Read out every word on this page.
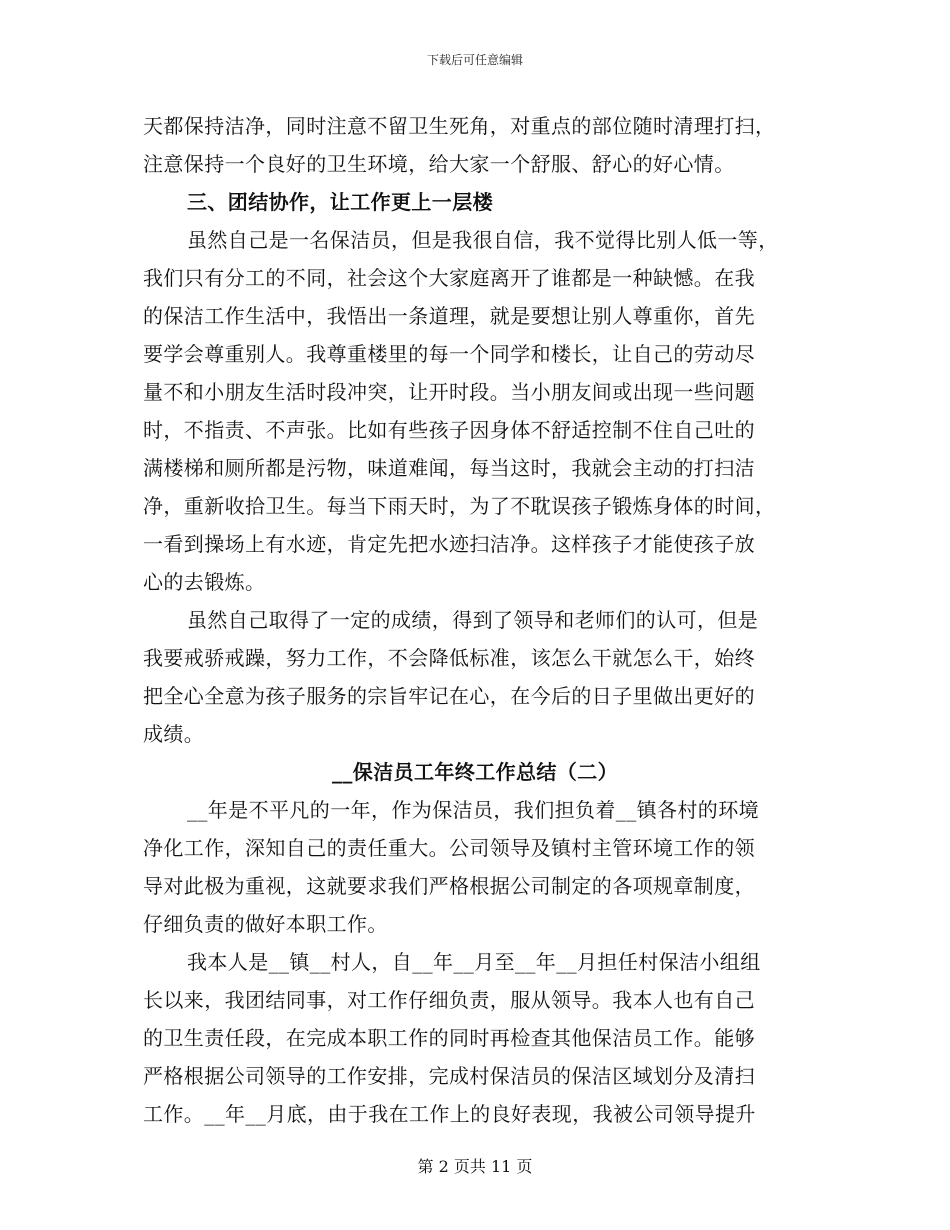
下载后可任意编辑
天都保持洁净，同时注意不留卫生死角，对重点的部位随时清理打扫，
注意保持一个良好的卫生环境，给大家一个舒服、舒心的好心情。
三、团结协作，让工作更上一层楼
虽然自己是一名保洁员，但是我很自信，我不觉得比别人低一等，
我们只有分工的不同，社会这个大家庭离开了谁都是一种缺憾。在我
的保洁工作生活中，我悟出一条道理，就是要想让别人尊重你，首先
要学会尊重别人。我尊重楼里的每一个同学和楼长，让自己的劳动尽
量不和小朋友生活时段冲突，让开时段。当小朋友间或出现一些问题
时，不指责、不声张。比如有些孩子因身体不舒适控制不住自己吐的
满楼梯和厕所都是污物，味道难闻，每当这时，我就会主动的打扫洁
净，重新收拾卫生。每当下雨天时，为了不耽误孩子锻炼身体的时间，
一看到操场上有水迹，肯定先把水迹扫洁净。这样孩子才能使孩子放
心的去锻炼。
虽然自己取得了一定的成绩，得到了领导和老师们的认可，但是
我要戒骄戒躁，努力工作，不会降低标准，该怎么干就怎么干，始终
把全心全意为孩子服务的宗旨牢记在心，在今后的日子里做出更好的
成绩。
__保洁员工年终工作总结（二）
__年是不平凡的一年，作为保洁员，我们担负着__镇各村的环境
净化工作，深知自己的责任重大。公司领导及镇村主管环境工作的领
导对此极为重视，这就要求我们严格根据公司制定的各项规章制度，
仔细负责的做好本职工作。
我本人是__镇__村人，自__年__月至__年__月担任村保洁小组组
长以来，我团结同事，对工作仔细负责，服从领导。我本人也有自己
的卫生责任段，在完成本职工作的同时再检查其他保洁员工作。能够
严格根据公司领导的工作安排，完成村保洁员的保洁区域划分及清扫
工作。__年__月底，由于我在工作上的良好表现，我被公司领导提升
第 2 页共 11 页
